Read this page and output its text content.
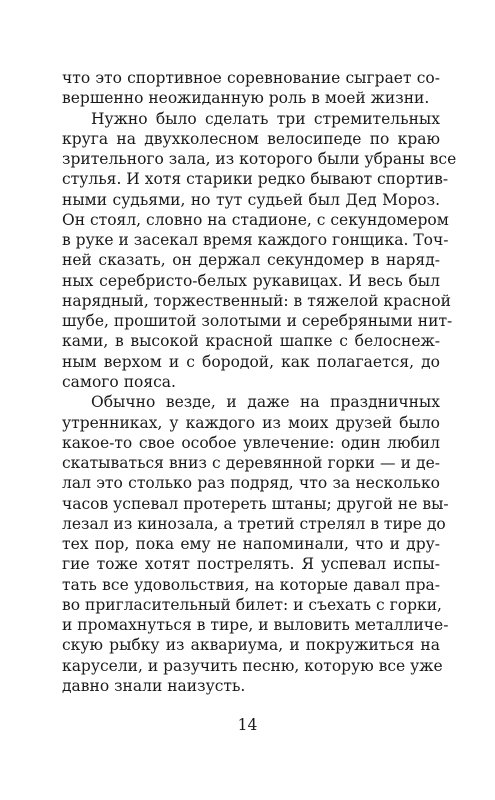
что это спортивное соревнование сыграет со-
вершенно неожиданную роль в моей жизни.
Нужно было сделать три стремительных
круга на двухколесном велосипеде по краю
зрительного зала, из которого были убраны все
стулья. И хотя старики редко бывают спортив-
ными судьями, но тут судьей был Дед Мороз.
Он стоял, словно на стадионе, с секундомером
в руке и засекал время каждого гонщика. Точ-
ней сказать, он держал секундомер в наряд-
ных серебристо-белых рукавицах. И весь был
нарядный, торжественный: в тяжелой красной
шубе, прошитой золотыми и серебряными нит-
ками, в высокой красной шапке с белоснеж-
ным верхом и с бородой, как полагается, до
самого пояса.
Обычно везде, и даже на праздничных
утренниках, у каждого из моих друзей было
какое-то свое особое увлечение: один любил
скатываться вниз с деревянной горки — и де-
лал это столько раз подряд, что за несколько
часов успевал протереть штаны; другой не вы-
лезал из кинозала, а третий стрелял в тире до
тех пор, пока ему не напоминали, что и дру-
гие тоже хотят пострелять. Я успевал испы-
тать все удовольствия, на которые давал пра-
во пригласительный билет: и съехать с горки,
и промахнуться в тире, и выловить металличе-
скую рыбку из аквариума, и покружиться на
карусели, и разучить песню, которую все уже
давно знали наизусть.
14
